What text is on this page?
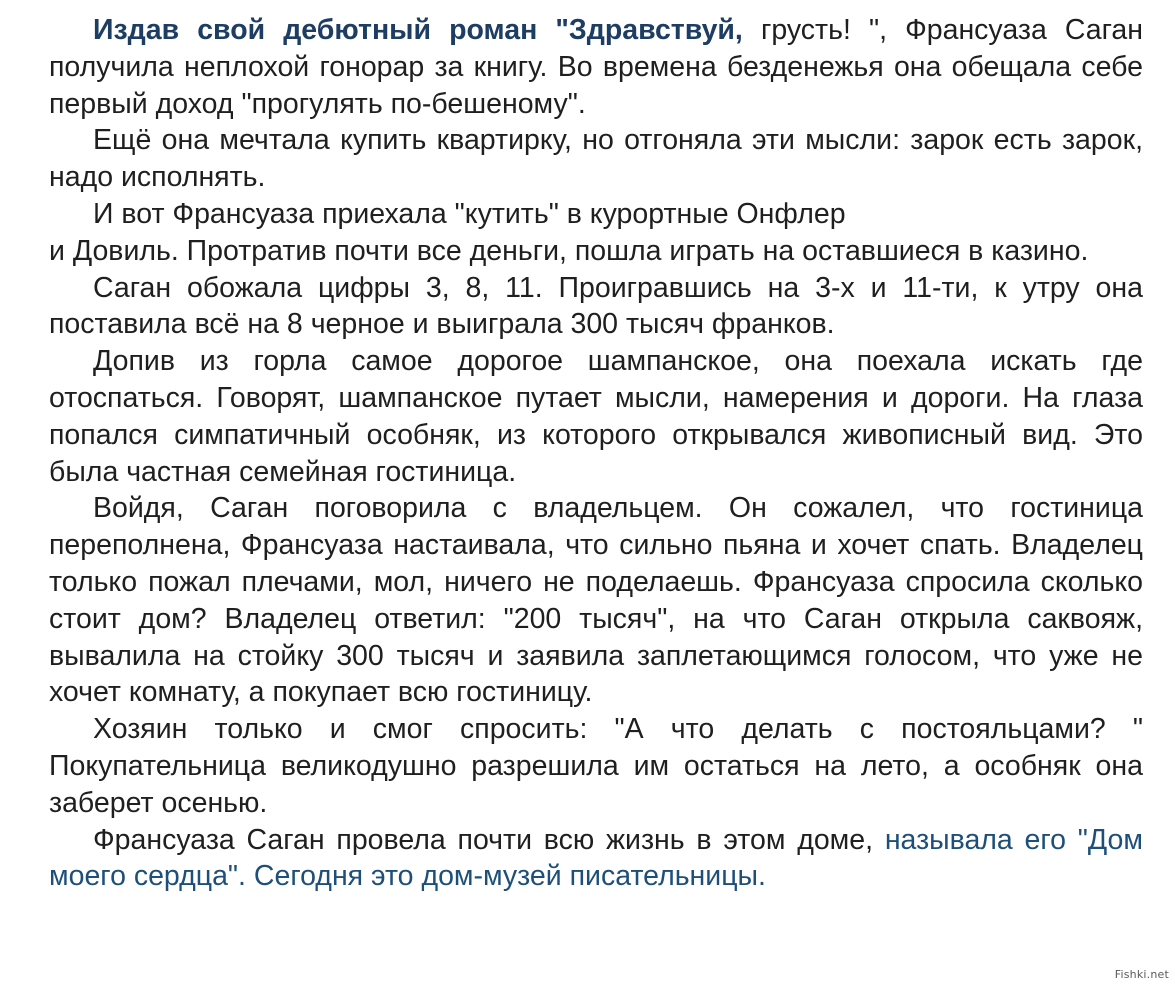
Издав свой дебютный роман "Здравствуй, грусть! ", Франсуаза Саган получила неплохой гонорар за книгу. Во времена безденежья она обещала себе первый доход "прогулять по-бешеному".

Ещё она мечтала купить квартирку, но отгоняла эти мысли: зарок есть зарок, надо исполнять.

И вот Франсуаза приехала "кутить" в курортные Онфлер
и Довиль. Протратив почти все деньги, пошла играть на оставшиеся в казино.

Саган обожала цифры 3, 8, 11. Проигравшись на 3-х и 11-ти, к утру она поставила всё на 8 черное и выиграла 300 тысяч франков.

Допив из горла самое дорогое шампанское, она поехала искать где отоспаться. Говорят, шампанское путает мысли, намерения и дороги. На глаза попался симпатичный особняк, из которого открывался живописный вид. Это была частная семейная гостиница.

Войдя, Саган поговорила с владельцем. Он сожалел, что гостиница переполнена, Франсуаза настаивала, что сильно пьяна и хочет спать. Владелец только пожал плечами, мол, ничего не поделаешь. Франсуаза спросила сколько стоит дом? Владелец ответил: "200 тысяч", на что Саган открыла саквояж, вывалила на стойку 300 тысяч и заявила заплетающимся голосом, что уже не хочет комнату, а покупает всю гостиницу.

Хозяин только и смог спросить: "А что делать с постояльцами? " Покупательница великодушно разрешила им остаться на лето, а особняк она заберет осенью.

Франсуаза Саган провела почти всю жизнь в этом доме, называла его "Дом моего сердца". Сегодня это дом-музей писательницы.

Fishki.net
